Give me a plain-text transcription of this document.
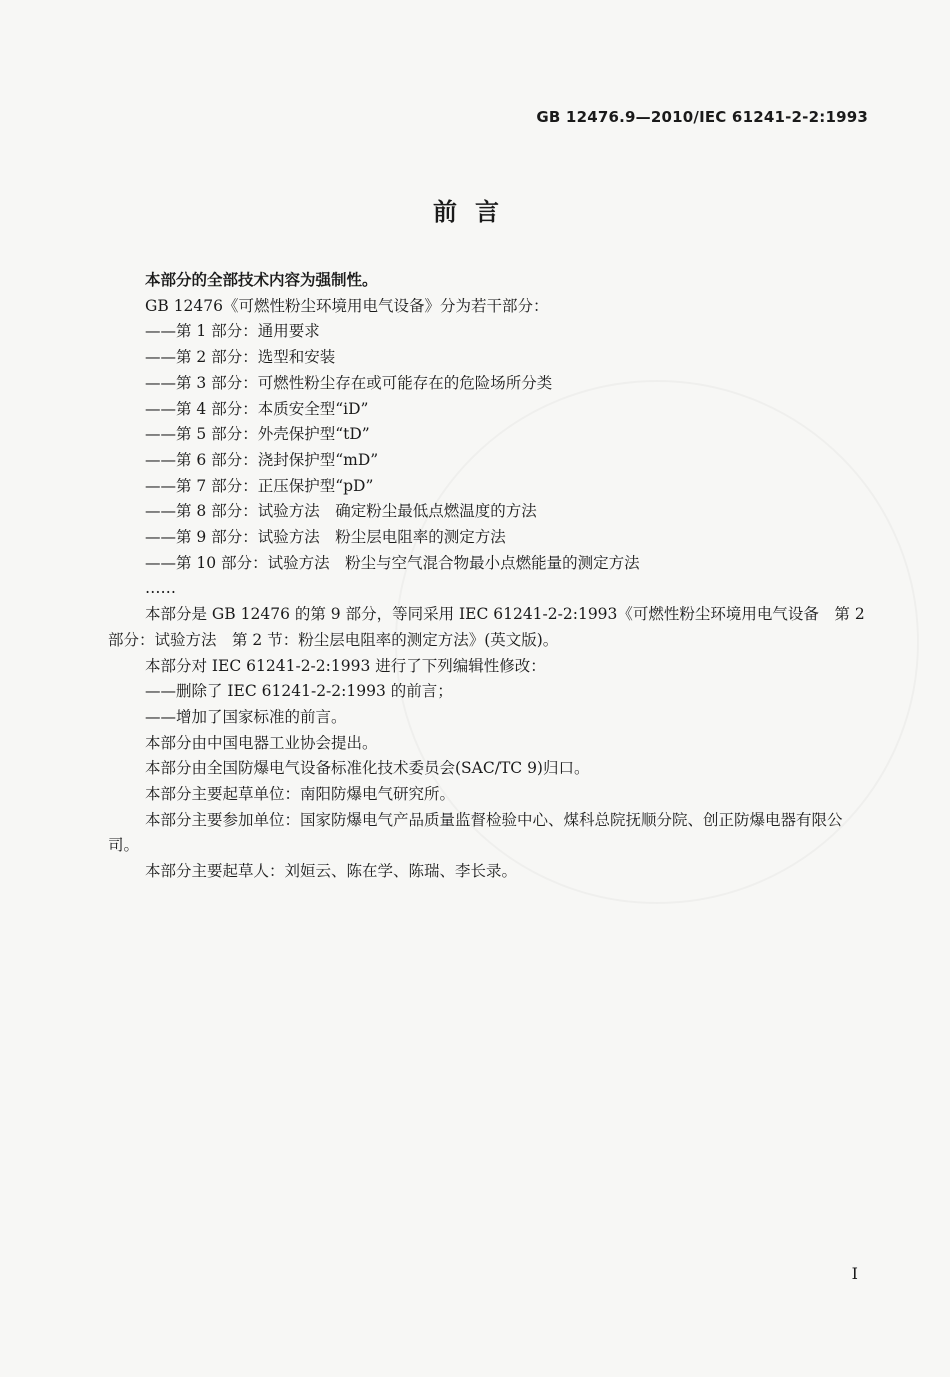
GB 12476.9—2010/IEC 61241-2-2:1993
前言
本部分的全部技术内容为强制性。
GB 12476《可燃性粉尘环境用电气设备》分为若干部分：
——第 1 部分：通用要求
——第 2 部分：选型和安装
——第 3 部分：可燃性粉尘存在或可能存在的危险场所分类
——第 4 部分：本质安全型“iD”
——第 5 部分：外壳保护型“tD”
——第 6 部分：浇封保护型“mD”
——第 7 部分：正压保护型“pD”
——第 8 部分：试验方法　确定粉尘最低点燃温度的方法
——第 9 部分：试验方法　粉尘层电阻率的测定方法
——第 10 部分：试验方法　粉尘与空气混合物最小点燃能量的测定方法
……
本部分是 GB 12476 的第 9 部分，等同采用 IEC 61241-2-2:1993《可燃性粉尘环境用电气设备　第 2 部分：试验方法　第 2 节：粉尘层电阻率的测定方法》(英文版)。
本部分对 IEC 61241-2-2:1993 进行了下列编辑性修改：
——删除了 IEC 61241-2-2:1993 的前言；
——增加了国家标准的前言。
本部分由中国电器工业协会提出。
本部分由全国防爆电气设备标准化技术委员会(SAC/TC 9)归口。
本部分主要起草单位：南阳防爆电气研究所。
本部分主要参加单位：国家防爆电气产品质量监督检验中心、煤科总院抚顺分院、创正防爆电器有限公司。
本部分主要起草人：刘姮云、陈在学、陈瑞、李长录。
I
